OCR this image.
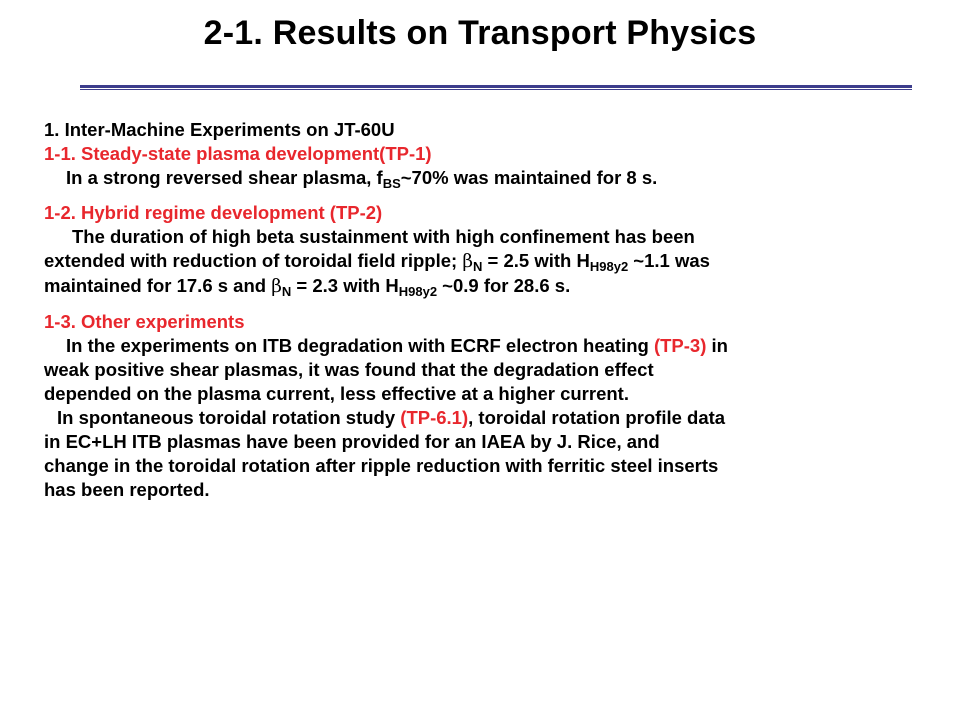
2-1. Results on Transport Physics
1. Inter-Machine Experiments on JT-60U
1-1. Steady-state plasma development(TP-1)
In a strong reversed shear plasma, $f_{BS}\sim 70\%$ was maintained for 8 s.
1-2. Hybrid regime development (TP-2)
The duration of high beta sustainment with high confinement has been
extended with reduction of toroidal field ripple; $\beta_N = 2.5$ with $H_{H98y2}$ ~1.1 was
maintained for 17.6 s and $\beta_N = 2.3$ with $H_{H98y2}$ ~0.9 for 28.6 s.
1-3. Other experiments
In the experiments on ITB degradation with ECRF electron heating (TP-3) in
weak positive shear plasmas, it was found that the degradation effect
depended on the plasma current, less effective at a higher current.
In spontaneous toroidal rotation study (TP-6.1), toroidal rotation profile data
in EC+LH ITB plasmas have been provided for an IAEA by J. Rice, and
change in the toroidal rotation after ripple reduction with ferritic steel inserts
has been reported.
